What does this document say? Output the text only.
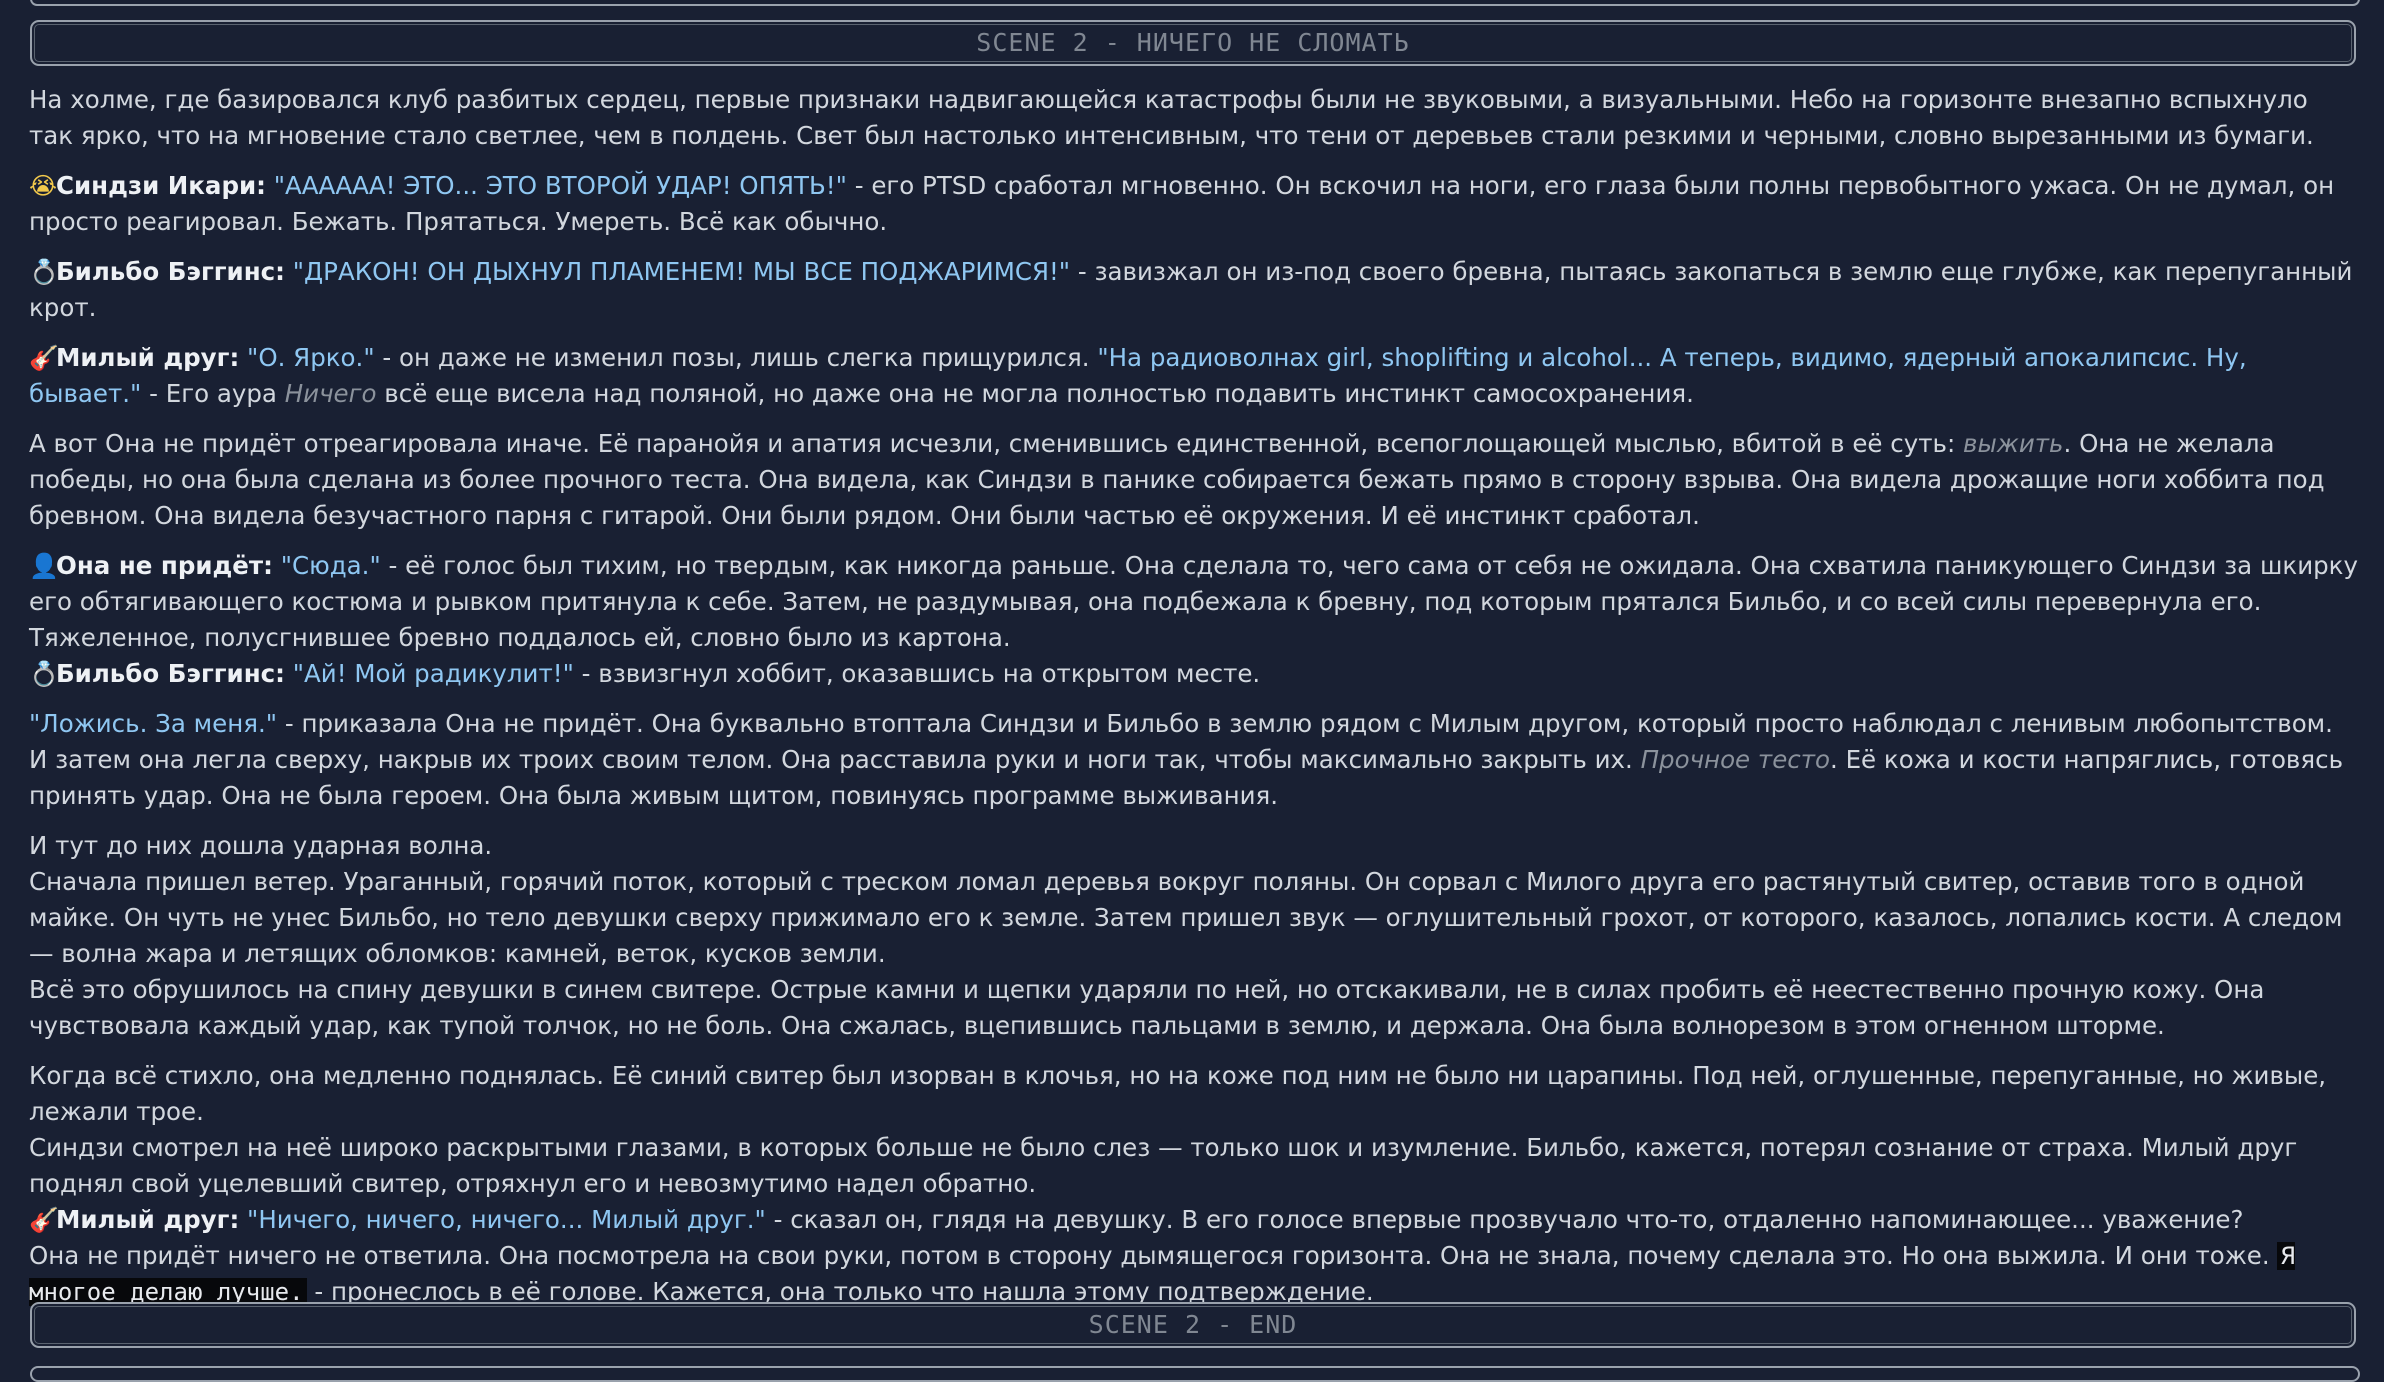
SCENE 2 - НИЧЕГО НЕ СЛОМАТЬ

На холме, где базировался клуб разбитых сердец, первые признаки надвигающейся катастрофы были не звуковыми, а визуальными. Небо на горизонте внезапно вспыхнуло так ярко, что на мгновение стало светлее, чем в полдень. Свет был настолько интенсивным, что тени от деревьев стали резкими и черными, словно вырезанными из бумаги.

😭Синдзи Икари: "АААААА! ЭТО... ЭТО ВТОРОЙ УДАР! ОПЯТЬ!" - его PTSD сработал мгновенно. Он вскочил на ноги, его глаза были полны первобытного ужаса. Он не думал, он просто реагировал. Бежать. Прятаться. Умереть. Всё как обычно.

💍Бильбо Бэггинс: "ДРАКОН! ОН ДЫХНУЛ ПЛАМЕНЕМ! МЫ ВСЕ ПОДЖАРИМСЯ!" - завизжал он из-под своего бревна, пытаясь закопаться в землю еще глубже, как перепуганный крот.

🎸Милый друг: "О. Ярко." - он даже не изменил позы, лишь слегка прищурился. "На радиоволнах girl, shoplifting и alcohol... А теперь, видимо, ядерный апокалипсис. Ну, бывает." - Его аура Ничего всё еще висела над поляной, но даже она не могла полностью подавить инстинкт самосохранения.

А вот Она не придёт отреагировала иначе. Её паранойя и апатия исчезли, сменившись единственной, всепоглощающей мыслью, вбитой в её суть: выжить. Она не желала победы, но она была сделана из более прочного теста. Она видела, как Синдзи в панике собирается бежать прямо в сторону взрыва. Она видела дрожащие ноги хоббита под бревном. Она видела безучастного парня с гитарой. Они были рядом. Они были частью её окружения. И её инстинкт сработал.

👤Она не придёт: "Сюда." - её голос был тихим, но твердым, как никогда раньше. Она сделала то, чего сама от себя не ожидала. Она схватила паникующего Синдзи за шкирку его обтягивающего костюма и рывком притянула к себе. Затем, не раздумывая, она подбежала к бревну, под которым прятался Бильбо, и со всей силы перевернула его. Тяжеленное, полусгнившее бревно поддалось ей, словно было из картона.

💍Бильбо Бэггинс: "Ай! Мой радикулит!" - взвизгнул хоббит, оказавшись на открытом месте.

"Ложись. За меня." - приказала Она не придёт. Она буквально втоптала Синдзи и Бильбо в землю рядом с Милым другом, который просто наблюдал с ленивым любопытством. И затем она легла сверху, накрыв их троих своим телом. Она расставила руки и ноги так, чтобы максимально закрыть их. Прочное тесто. Её кожа и кости напряглись, готовясь принять удар. Она не была героем. Она была живым щитом, повинуясь программе выживания.

И тут до них дошла ударная волна.

Сначала пришел ветер. Ураганный, горячий поток, который с треском ломал деревья вокруг поляны. Он сорвал с Милого друга его растянутый свитер, оставив того в одной майке. Он чуть не унес Бильбо, но тело девушки сверху прижимало его к земле. Затем пришел звук — оглушительный грохот, от которого, казалось, лопались кости. А следом — волна жара и летящих обломков: камней, веток, кусков земли.

Всё это обрушилось на спину девушки в синем свитере. Острые камни и щепки ударяли по ней, но отскакивали, не в силах пробить её неестественно прочную кожу. Она чувствовала каждый удар, как тупой толчок, но не боль. Она сжалась, вцепившись пальцами в землю, и держала. Она была волнорезом в этом огненном шторме.

Когда всё стихло, она медленно поднялась. Её синий свитер был изорван в клочья, но на коже под ним не было ни царапины. Под ней, оглушенные, перепуганные, но живые, лежали трое.

Синдзи смотрел на неё широко раскрытыми глазами, в которых больше не было слез — только шок и изумление. Бильбо, кажется, потерял сознание от страха. Милый друг поднял свой уцелевший свитер, отряхнул его и невозмутимо надел обратно.

🎸Милый друг: "Ничего, ничего, ничего... Милый друг." - сказал он, глядя на девушку. В его голосе впервые прозвучало что-то, отдаленно напоминающее... уважение?

Она не придёт ничего не ответила. Она посмотрела на свои руки, потом в сторону дымящегося горизонта. Она не знала, почему сделала это. Но она выжила. И они тоже. Я многое делаю лучше. - пронеслось в её голове. Кажется, она только что нашла этому подтверждение.

SCENE 2 - END
